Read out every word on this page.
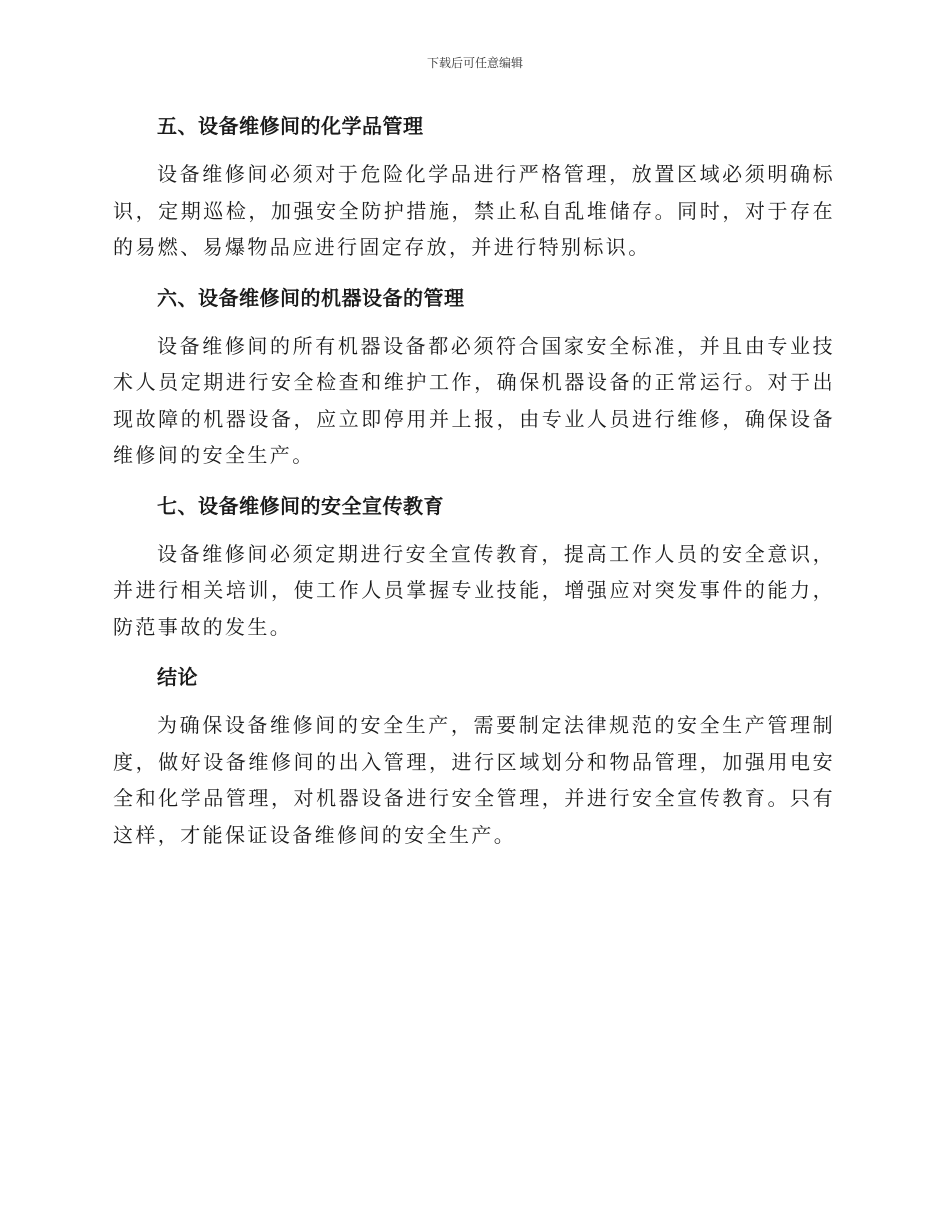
下载后可任意编辑
五、设备维修间的化学品管理

设备维修间必须对于危险化学品进行严格管理，放置区域必须明确标识，定期巡检，加强安全防护措施，禁止私自乱堆储存。同时，对于存在的易燃、易爆物品应进行固定存放，并进行特别标识。

六、设备维修间的机器设备的管理

设备维修间的所有机器设备都必须符合国家安全标准，并且由专业技术人员定期进行安全检查和维护工作，确保机器设备的正常运行。对于出现故障的机器设备，应立即停用并上报，由专业人员进行维修，确保设备维修间的安全生产。

七、设备维修间的安全宣传教育

设备维修间必须定期进行安全宣传教育，提高工作人员的安全意识，并进行相关培训，使工作人员掌握专业技能，增强应对突发事件的能力，防范事故的发生。

结论

为确保设备维修间的安全生产，需要制定法律规范的安全生产管理制度，做好设备维修间的出入管理，进行区域划分和物品管理，加强用电安全和化学品管理，对机器设备进行安全管理，并进行安全宣传教育。只有这样，才能保证设备维修间的安全生产。
